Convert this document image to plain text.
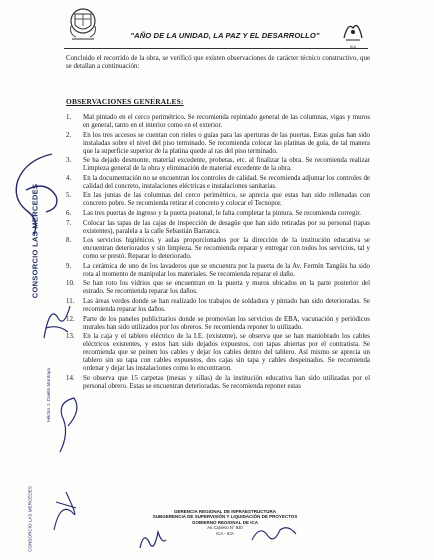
"AÑO DE LA UNIDAD, LA PAZ Y EL DESARROLLO"
ICA

Concluido el recorrido de la obra, se verificó que existen observaciones de carácter técnico constructivo, que se detallan a continuación:

OBSERVACIONES GENERALES:
1.	Mal pintado en el cerco perimétrico. Se recomienda repintado general de las columnas, vigas y muros en general, tanto en el interior como en el exterior.
2.	En los tres accesos se cuentan con rieles o guías para las aperturas de las puertas. Estas guías han sido instaladas sobre el nivel del piso terminado. Se recomienda colocar las platinas de guía, de tal manera que la superficie superior de la platina quede al ras del piso terminado.
3.	Se ha dejado desmonte, material excedente, probetas, etc. al finalizar la obra. Se recomienda realizar Limpieza general de la obra y eliminación de material excedente de la obra.
4.	En la documentación no se encuentran los controles de calidad. Se recomienda adjuntar los controles de calidad del concreto, instalaciones eléctricas e instalaciones sanitarias.
5.	En las juntas de las columnas del cerco perimétrico, se aprecia que estas han sido rellenadas con concreto pobre. Se recomienda retirar el concreto y colocar el Tecnopor.
6.	Las tres puertas de ingreso y la puerta peatonal, le falta completar la pintura. Se recomienda corregir.
7.	Colocar las tapas de las cajas de inspección de desagüe que han sido retiradas por su personal (tapas existentes), paralela a la calle Sebastián Barranca.
8.	Los servicios higiénicos y aulas proporcionados por la dirección de la institución educativa se encuentran deteriorados y sin limpieza. Se recomienda reparar y entregar con todos los servicios, tal y como se prestó. Reparar lo deteriorado.
9.	La cerámica de uno de los lavaderos que se encuentra por la puerta de la Av. Fermín Tangüis ha sido rota al momento de manipular los materiales. Se recomienda reparar el daño.
10.	Se han roto los vidrios que se encuentran en la puerta y muros ubicados en la parte posterior del estrado. Se recomienda reparar los daños.
11.	Las áreas verdes donde se han realizado los trabajos de soldadura y pintado han sido deterioradas. Se recomienda reparar los daños.
12.	Parte de los paneles publicitarios donde se promovían los servicios de EBA, vacunación y periódicos murales han sido utilizados por los obreros. Se recomienda reponer lo utilizado.
13.	En la caja y el tablero eléctrico de la I.E. (existente), se observa que se han maniobrado los cables eléctricos existentes, y estos han sido dejados expuestos, con tapas abiertas por el contratista. Se recomienda que se peinen los cables y dejar los cables dentro del tablero. Así mismo se aprecia un tablero sin su tapa con cables expuestos, dos cajas sin tapa y cables despeinados. Se recomienda ordenar y dejar las instalaciones como lo encontraron.
14.	Se observa que 15 carpetas (mesas y sillas) de la institución educativa han sido utilizadas por el personal obrero. Estas se encuentran deterioradas. Se recomienda reponer estas
CONSORCIO LAS MERCEDES
Héctor J. Cuello Montoya
CONSORCIO LAS MERCEDES	GERENCIA REGIONAL DE INFRAESTRUCTURA
SUBGERENCIA DE SUPERVISIÓN Y LIQUIDACIÓN DE PROYECTOS
GOBIERNO REGIONAL DE ICA
Av. Cutervo N° 920
ICA - ICA
